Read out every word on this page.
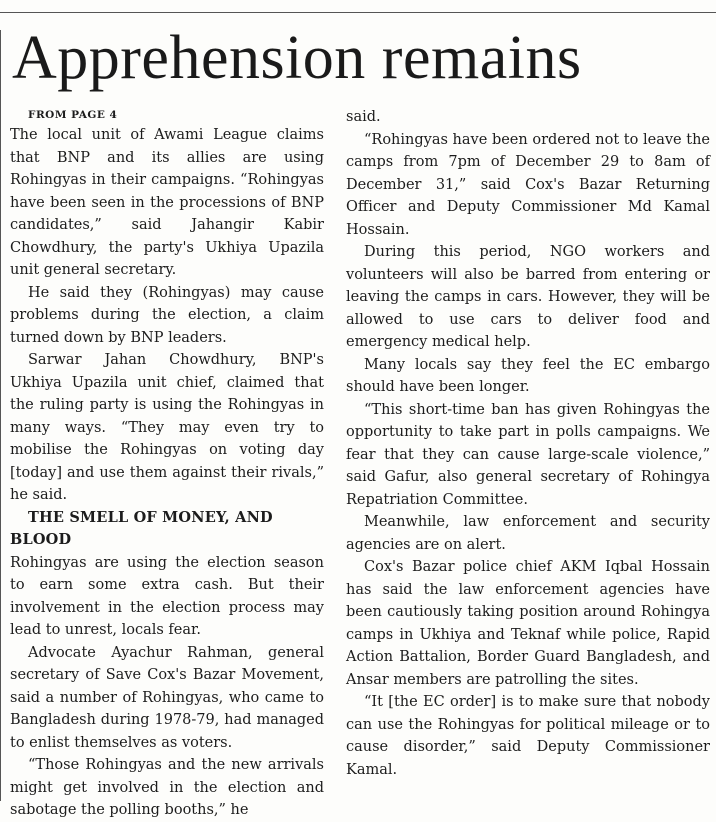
Apprehension remains

FROM PAGE 4

The local unit of Awami League claims that BNP and its allies are using Rohingyas in their campaigns. “Rohingyas have been seen in the processions of BNP candidates,” said Jahangir Kabir Chowdhury, the party's Ukhiya Upazila unit general secretary.

He said they (Rohingyas) may cause problems during the election, a claim turned down by BNP leaders.

Sarwar Jahan Chowdhury, BNP's Ukhiya Upazila unit chief, claimed that the ruling party is using the Rohingyas in many ways. “They may even try to mobilise the Rohingyas on voting day [today] and use them against their rivals,” he said.

THE SMELL OF MONEY, AND BLOOD

Rohingyas are using the election season to earn some extra cash. But their involvement in the election process may lead to unrest, locals fear.

Advocate Ayachur Rahman, general secretary of Save Cox's Bazar Movement, said a number of Rohingyas, who came to Bangladesh during 1978-79, had managed to enlist themselves as voters.

“Those Rohingyas and the new arrivals might get involved in the election and sabotage the polling booths,” he

said.

“Rohingyas have been ordered not to leave the camps from 7pm of December 29 to 8am of December 31,” said Cox's Bazar Returning Officer and Deputy Commissioner Md Kamal Hossain.

During this period, NGO workers and volunteers will also be barred from entering or leaving the camps in cars. However, they will be allowed to use cars to deliver food and emergency medical help.

Many locals say they feel the EC embargo should have been longer.

“This short-time ban has given Rohingyas the opportunity to take part in polls campaigns. We fear that they can cause large-scale violence,” said Gafur, also general secretary of Rohingya Repatriation Committee.

Meanwhile, law enforcement and security agencies are on alert.

Cox's Bazar police chief AKM Iqbal Hossain has said the law enforcement agencies have been cautiously taking position around Rohingya camps in Ukhiya and Teknaf while police, Rapid Action Battalion, Border Guard Bangladesh, and Ansar members are patrolling the sites.

“It [the EC order] is to make sure that nobody can use the Rohingyas for political mileage or to cause disorder,” said Deputy Commissioner Kamal.
